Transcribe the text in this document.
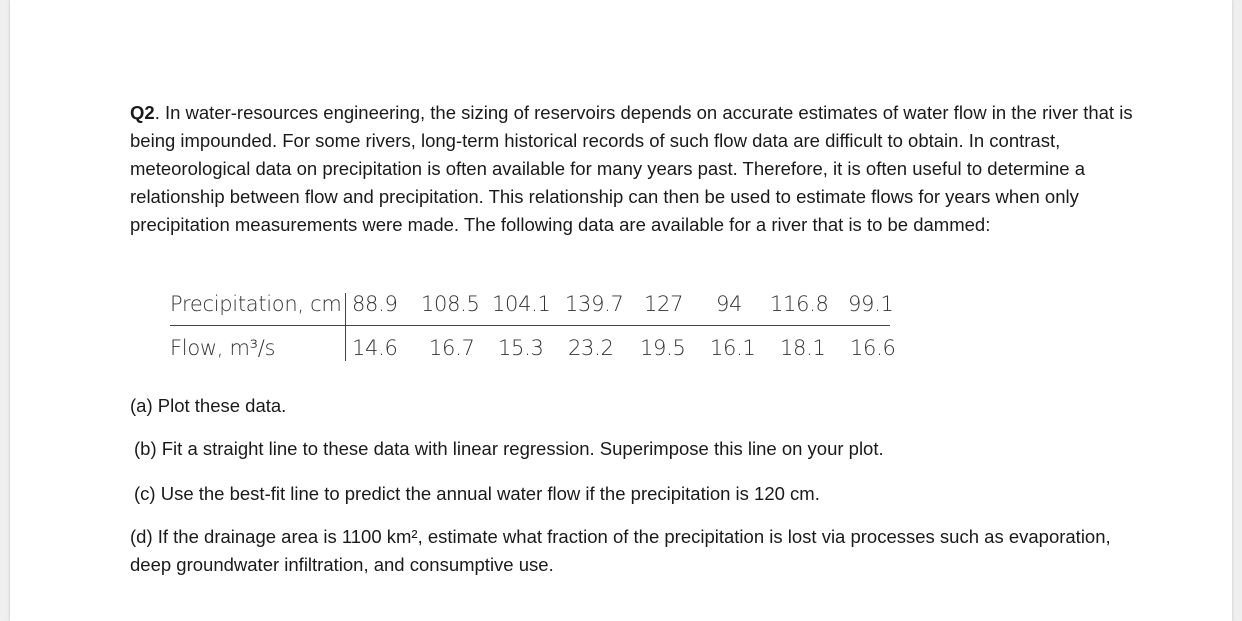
Q2. In water-resources engineering, the sizing of reservoirs depends on accurate estimates of water flow in the river that is being impounded. For some rivers, long-term historical records of such flow data are difficult to obtain. In contrast, meteorological data on precipitation is often available for many years past. Therefore, it is often useful to determine a relationship between flow and precipitation. This relationship can then be used to estimate flows for years when only precipitation measurements were made. The following data are available for a river that is to be dammed:

Precipitation, cm 88.9 108.5 104.1 139.7 127 94 116.8 99.1
Flow, m³/s	14.6 16.7 15.3 23.2 19.5 16.1 18.1 16.6

(a) Plot these data.

(b) Fit a straight line to these data with linear regression. Superimpose this line on your plot.

(c) Use the best-fit line to predict the annual water flow if the precipitation is 120 cm.

(d) If the drainage area is 1100 km², estimate what fraction of the precipitation is lost via processes such as evaporation, deep groundwater infiltration, and consumptive use.
